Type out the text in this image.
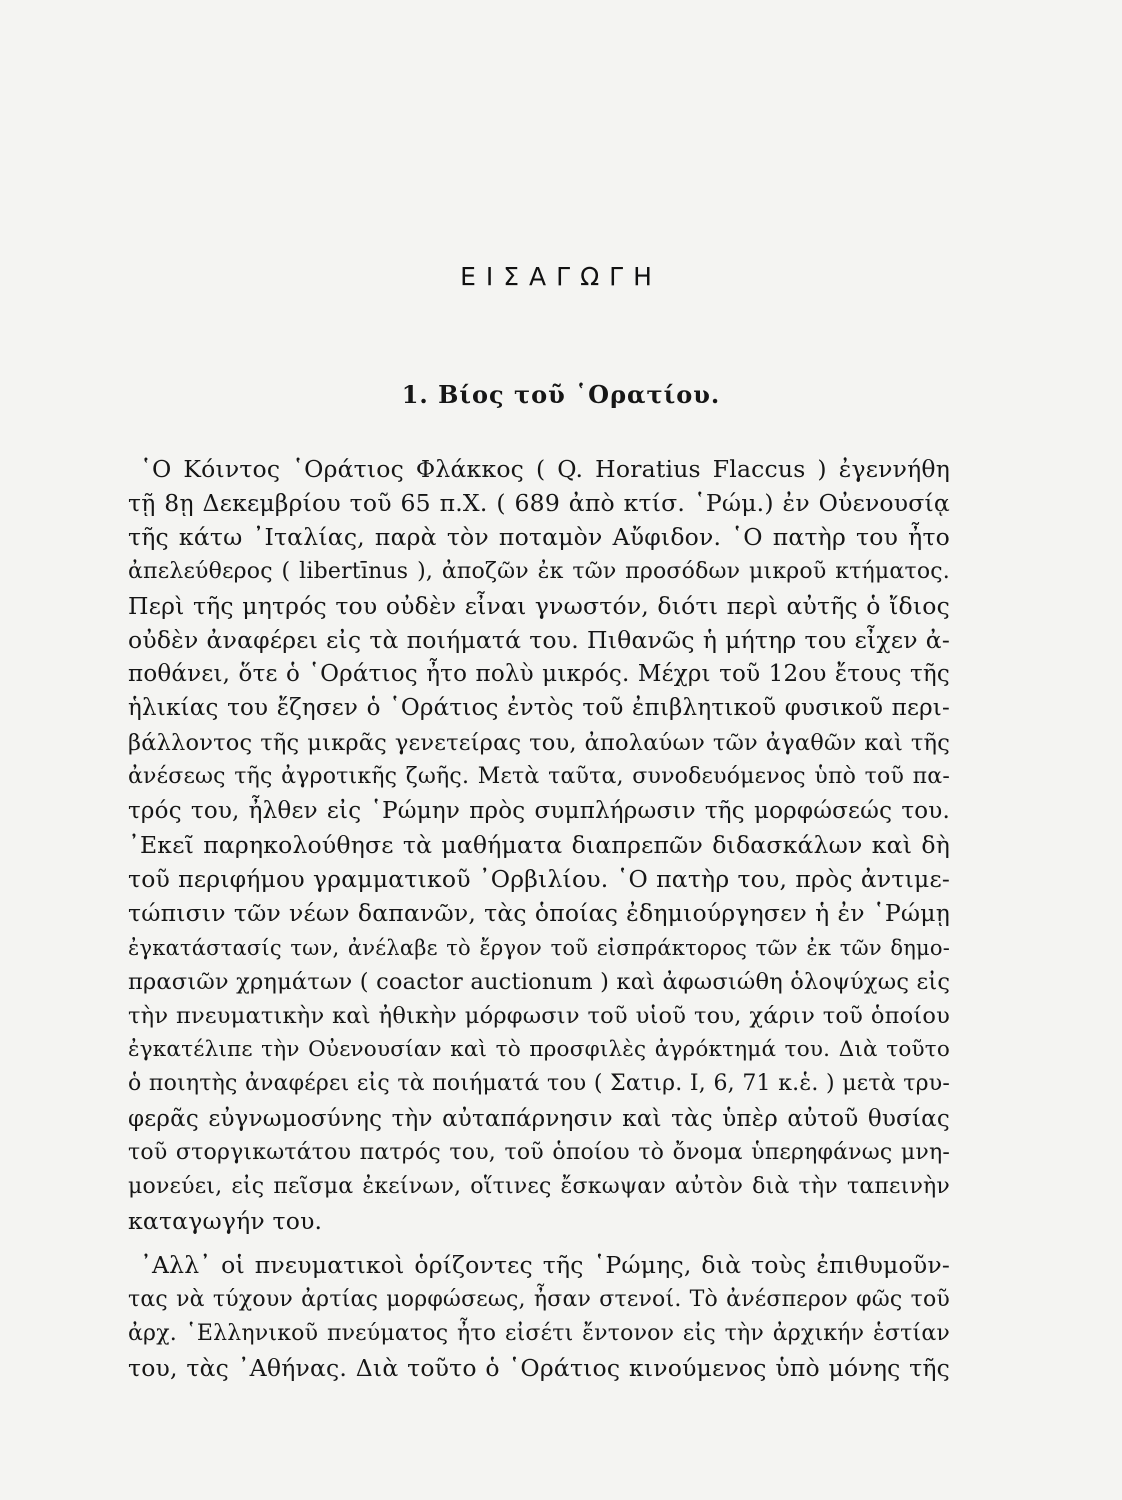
ΕΙΣΑΓΩΓΗ
1. Βίος τοῦ ῾Ορατίου.
῾Ο Κόιντος ῾Οράτιος Φλάκκος ( Q. Horatius Flaccus ) ἐγεννήθη
τῇ 8ῃ Δεκεμβρίου τοῦ 65 π.Χ. ( 689 ἀπὸ κτίσ. ῾Ρώμ.) ἐν Οὐενουσίᾳ
τῆς κάτω ᾿Ιταλίας, παρὰ τὸν ποταμὸν Αὔφιδον. ῾Ο πατὴρ του ἦτο
ἀπελεύθερος ( libertīnus ), ἀποζῶν ἐκ τῶν προσόδων μικροῦ κτήματος.
Περὶ τῆς μητρός του οὐδὲν εἶναι γνωστόν, διότι περὶ αὐτῆς ὁ ἴδιος
οὐδὲν ἀναφέρει εἰς τὰ ποιήματά του. Πιθανῶς ἡ μήτηρ του εἶχεν ἀ-
ποθάνει, ὅτε ὁ ῾Οράτιος ἦτο πολὺ μικρός. Μέχρι τοῦ 12ου ἔτους τῆς
ἡλικίας του ἔζησεν ὁ ῾Οράτιος ἐντὸς τοῦ ἐπιβλητικοῦ φυσικοῦ περι-
βάλλοντος τῆς μικρᾶς γενετείρας του, ἀπολαύων τῶν ἀγαθῶν καὶ τῆς
ἀνέσεως τῆς ἀγροτικῆς ζωῆς. Μετὰ ταῦτα, συνοδευόμενος ὑπὸ τοῦ πα-
τρός του, ἦλθεν εἰς ῾Ρώμην πρὸς συμπλήρωσιν τῆς μορφώσεώς του.
᾿Εκεῖ παρηκολούθησε τὰ μαθήματα διαπρεπῶν διδασκάλων καὶ δὴ
τοῦ περιφήμου γραμματικοῦ ᾿Ορβιλίου. ῾Ο πατὴρ του, πρὸς ἀντιμε-
τώπισιν τῶν νέων δαπανῶν, τὰς ὁποίας ἐδημιούργησεν ἡ ἐν ῾Ρώμῃ
ἐγκατάστασίς των, ἀνέλαβε τὸ ἔργον τοῦ εἰσπράκτορος τῶν ἐκ τῶν δημο-
πρασιῶν χρημάτων ( coactor auctionum ) καὶ ἀφωσιώθη ὁλοψύχως εἰς
τὴν πνευματικὴν καὶ ἠθικὴν μόρφωσιν τοῦ υἱοῦ του, χάριν τοῦ ὁποίου
ἐγκατέλιπε τὴν Οὐενουσίαν καὶ τὸ προσφιλὲς ἀγρόκτημά του. Διὰ τοῦτο
ὁ ποιητὴς ἀναφέρει εἰς τὰ ποιήματά του ( Σατιρ. I, 6, 71 κ.ἑ. ) μετὰ τρυ-
φερᾶς εὐγνωμοσύνης τὴν αὐταπάρνησιν καὶ τὰς ὑπὲρ αὐτοῦ θυσίας
τοῦ στοργικωτάτου πατρός του, τοῦ ὁποίου τὸ ὄνομα ὑπερηφάνως μνη-
μονεύει, εἰς πεῖσμα ἐκείνων, οἵτινες ἔσκωψαν αὐτὸν διὰ τὴν ταπεινὴν
καταγωγήν του.
᾿Αλλ᾿ οἱ πνευματικοὶ ὁρίζοντες τῆς ῾Ρώμης, διὰ τοὺς ἐπιθυμοῦν-
τας νὰ τύχουν ἀρτίας μορφώσεως, ἦσαν στενοί. Τὸ ἀνέσπερον φῶς τοῦ
ἀρχ. ῾Ελληνικοῦ πνεύματος ἦτο εἰσέτι ἔντονον εἰς τὴν ἀρχικήν ἑστίαν
του, τὰς ᾿Αθήνας. Διὰ τοῦτο ὁ ῾Οράτιος κινούμενος ὑπὸ μόνης τῆς
